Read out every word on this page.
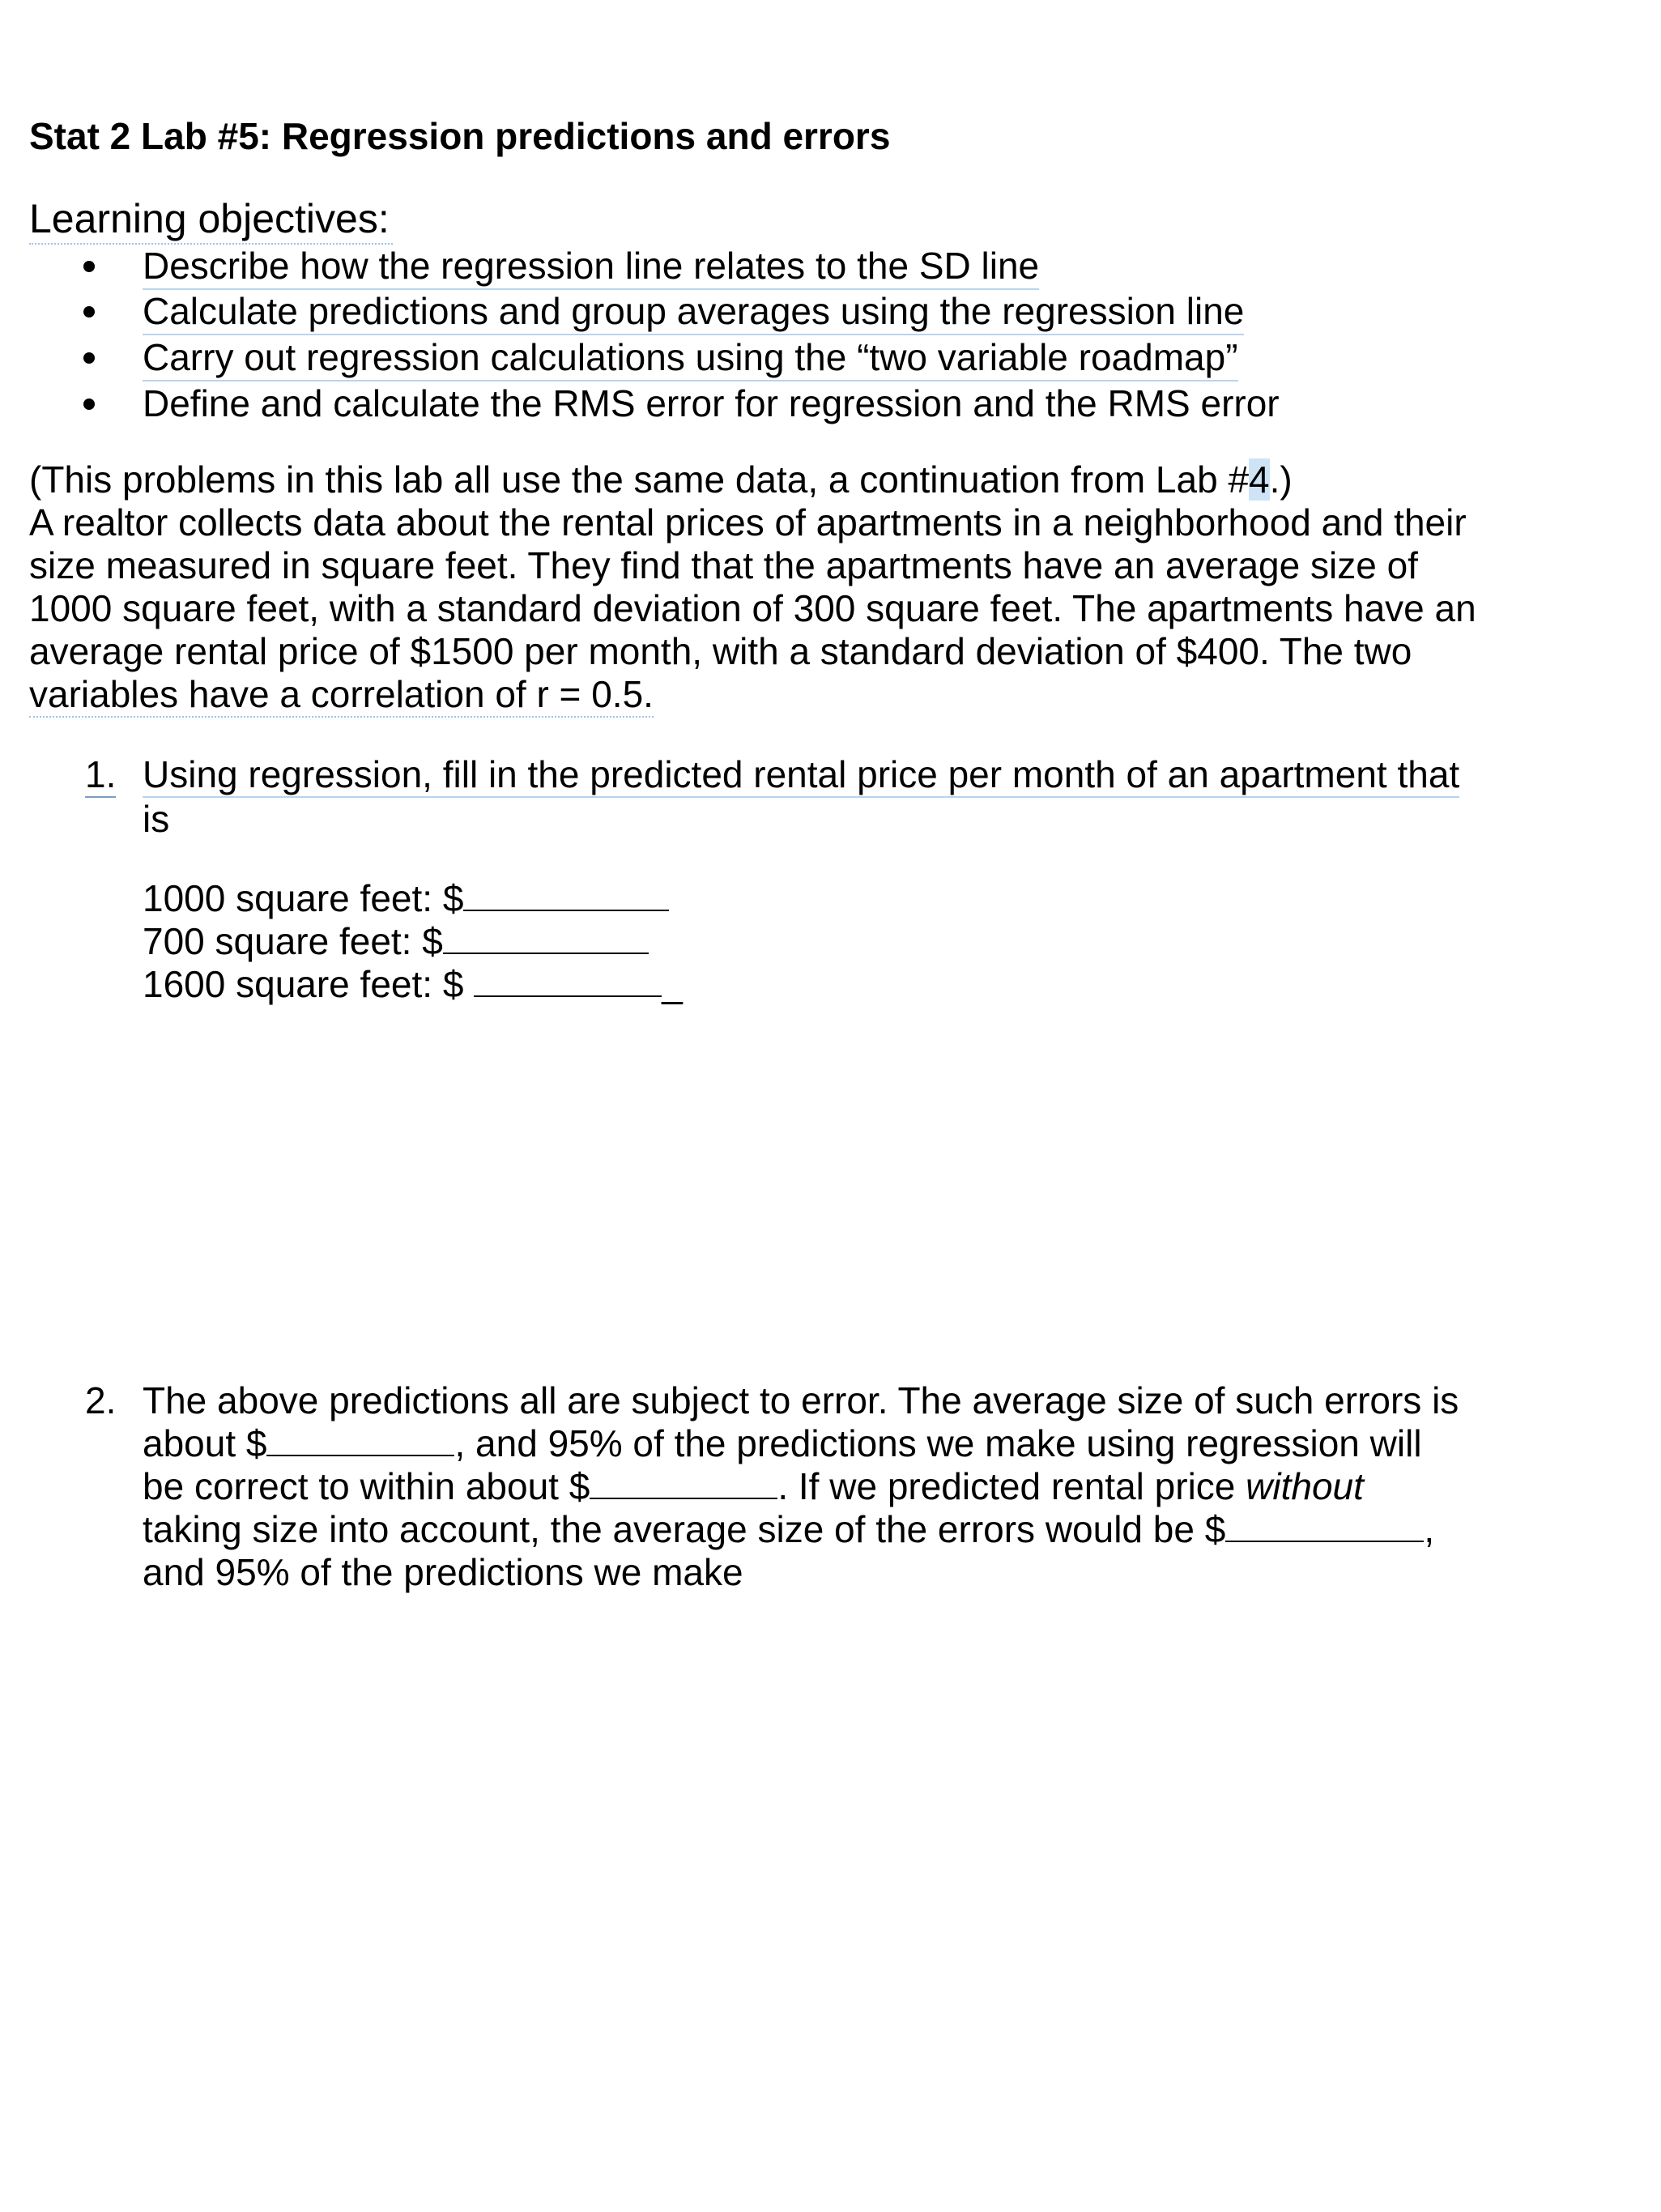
Stat 2 Lab #5: Regression predictions and errors
Learning objectives:
Describe how the regression line relates to the SD line
Calculate predictions and group averages using the regression line
Carry out regression calculations using the “two variable roadmap”
Define and calculate the RMS error for regression and the RMS error
(This problems in this lab all use the same data, a continuation from Lab #4.)
A realtor collects data about the rental prices of apartments in a neighborhood and their
size measured in square feet. They find that the apartments have an average size of
1000 square feet, with a standard deviation of 300 square feet. The apartments have an
average rental price of $1500 per month, with a standard deviation of $400. The two
variables have a correlation of r = 0.5.
1. Using regression, fill in the predicted rental price per month of an apartment that
is
1000 square feet: $
700 square feet: $
1600 square feet: $	_
2. The above predictions all are subject to error. The average size of such errors is
about $	, and 95% of the predictions we make using regression will
be correct to within about $	. If we predicted rental price without
taking size into account, the average size of the errors would be $	,
and 95% of the predictions we make
